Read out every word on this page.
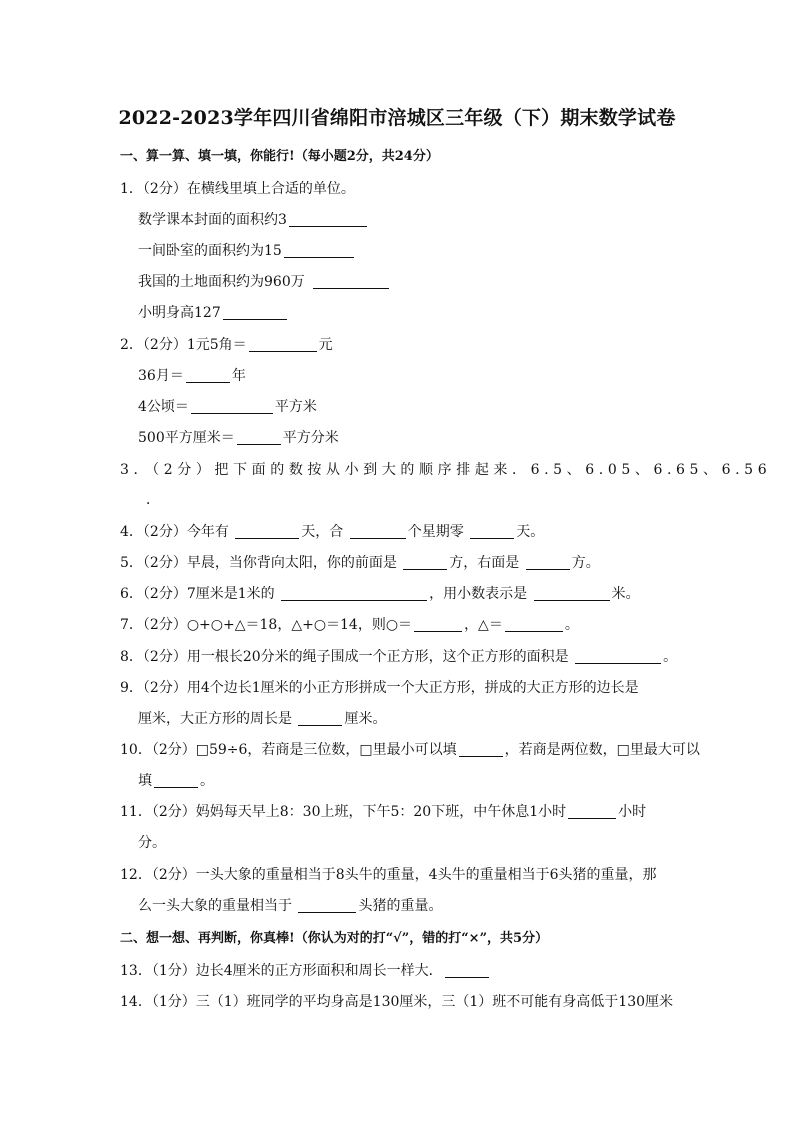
2022-2023学年四川省绵阳市涪城区三年级（下）期末数学试卷
一、算一算、填一填，你能行!（每小题2分，共24分）
1．（2分）在横线里填上合适的单位。
数学课本封面的面积约3
一间卧室的面积约为15
我国的土地面积约为960万
小明身高127
2．（2分）1元5角＝	元
36月＝	年
4公顷＝	平方米
500平方厘米＝	平方分米
3．（2分）把下面的数按从小到大的顺序排起来．6.5、6.05、6.65、6.56
．
4．（2分）今年有	天，合	个星期零	天。
5．（2分）早晨，当你背向太阳，你的前面是	方，右面是	方。
6．（2分）7厘米是1米的	，用小数表示是	米。
7．（2分）○+○+△＝18，△+○＝14，则○＝	，△＝	。
8．（2分）用一根长20分米的绳子围成一个正方形，这个正方形的面积是	。
9．（2分）用4个边长1厘米的小正方形拼成一个大正方形，拼成的大正方形的边长是
厘米，大正方形的周长是	厘米。
10．（2分）□59÷6，若商是三位数，□里最小可以填	，若商是两位数，□里最大可以
填	。
11．（2分）妈妈每天早上8：30上班，下午5：20下班，中午休息1小时	小时
分。
12．（2分）一头大象的重量相当于8头牛的重量，4头牛的重量相当于6头猪的重量，那
么一头大象的重量相当于	头猪的重量。
二、想一想、再判断，你真棒!（你认为对的打“√”，错的打“×”，共5分）
13．（1分）边长4厘米的正方形面积和周长一样大．
14．（1分）三（1）班同学的平均身高是130厘米，三（1）班不可能有身高低于130厘米
